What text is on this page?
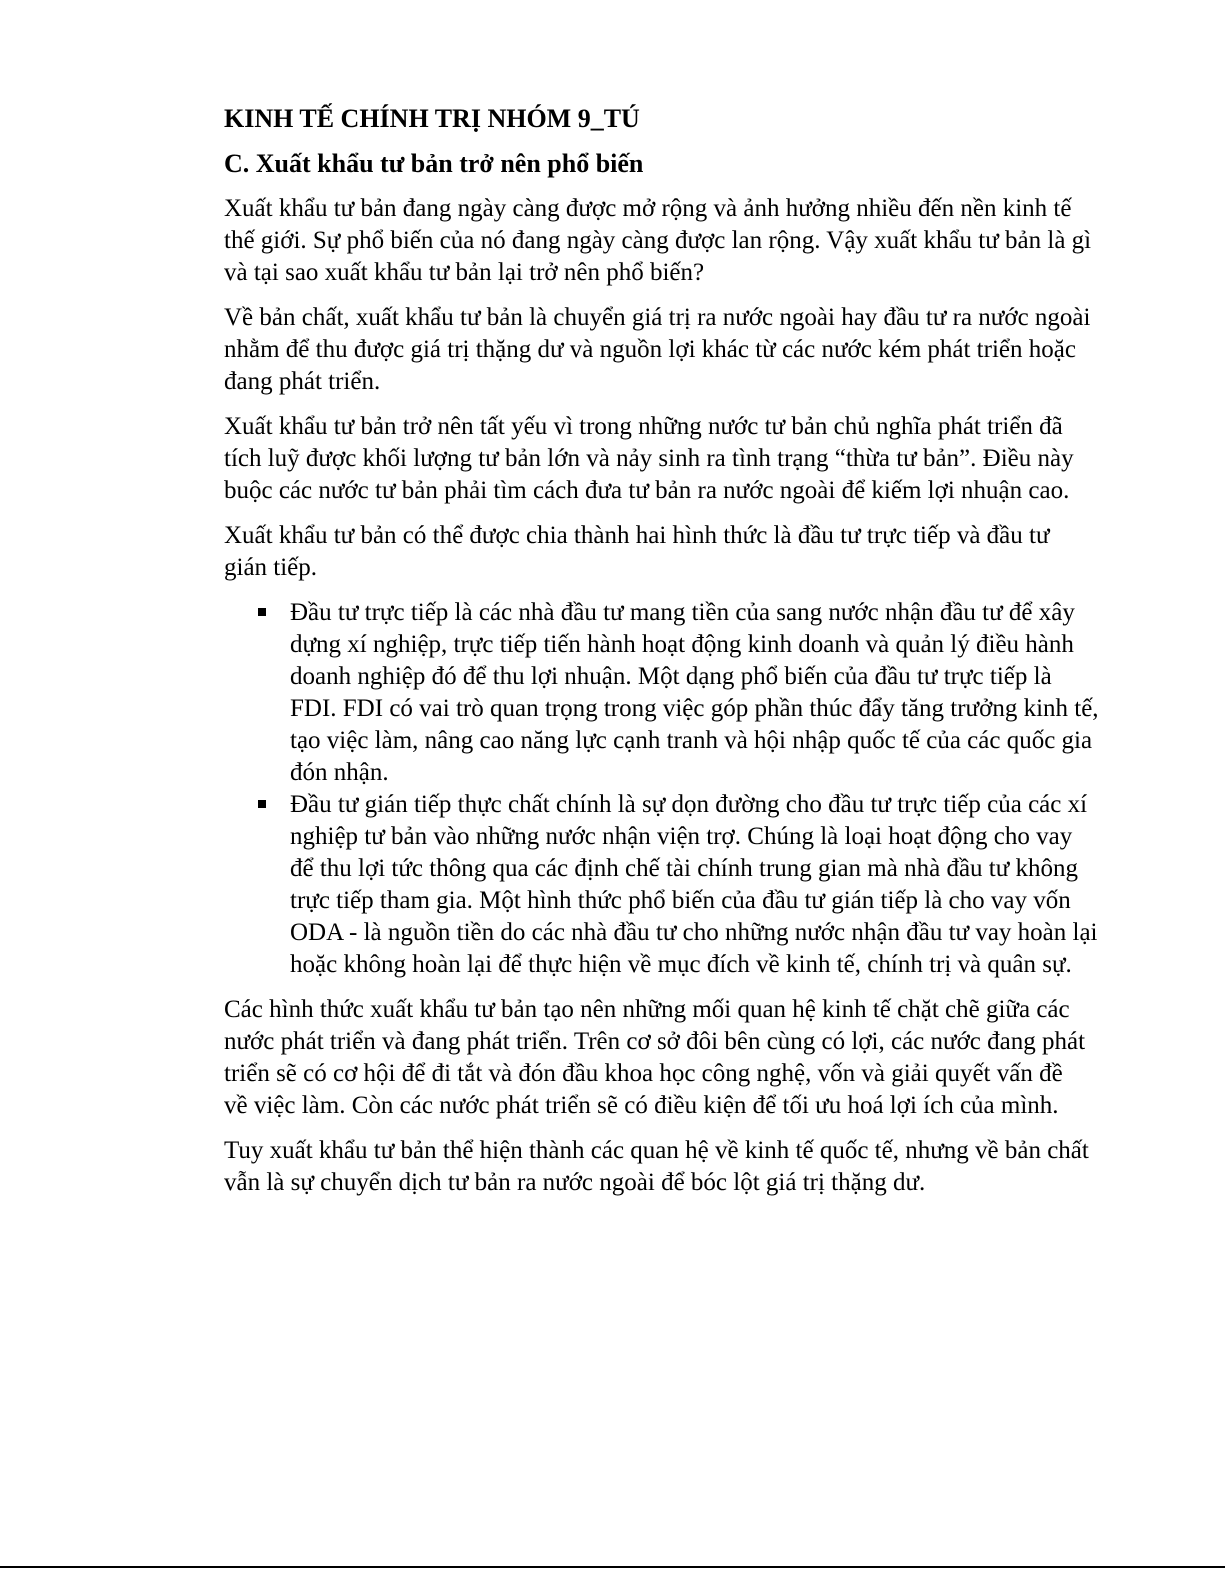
KINH TẾ CHÍNH TRỊ NHÓM 9_TÚ
C. Xuất khẩu tư bản trở nên phổ biến

Xuất khẩu tư bản đang ngày càng được mở rộng và ảnh hưởng nhiều đến nền kinh tế thế giới. Sự phổ biến của nó đang ngày càng được lan rộng. Vậy xuất khẩu tư bản là gì và tại sao xuất khẩu tư bản lại trở nên phổ biến?

Về bản chất, xuất khẩu tư bản là chuyển giá trị ra nước ngoài hay đầu tư ra nước ngoài nhằm để thu được giá trị thặng dư và nguồn lợi khác từ các nước kém phát triển hoặc đang phát triển.

Xuất khẩu tư bản trở nên tất yếu vì trong những nước tư bản chủ nghĩa phát triển đã tích luỹ được khối lượng tư bản lớn và nảy sinh ra tình trạng “thừa tư bản”. Điều này buộc các nước tư bản phải tìm cách đưa tư bản ra nước ngoài để kiếm lợi nhuận cao.

Xuất khẩu tư bản có thể được chia thành hai hình thức là đầu tư trực tiếp và đầu tư gián tiếp.

Đầu tư trực tiếp là các nhà đầu tư mang tiền của sang nước nhận đầu tư để xây dựng xí nghiệp, trực tiếp tiến hành hoạt động kinh doanh và quản lý điều hành doanh nghiệp đó để thu lợi nhuận. Một dạng phổ biến của đầu tư trực tiếp là FDI. FDI có vai trò quan trọng trong việc góp phần thúc đẩy tăng trưởng kinh tế, tạo việc làm, nâng cao năng lực cạnh tranh và hội nhập quốc tế của các quốc gia đón nhận.
Đầu tư gián tiếp thực chất chính là sự dọn đường cho đầu tư trực tiếp của các xí nghiệp tư bản vào những nước nhận viện trợ. Chúng là loại hoạt động cho vay để thu lợi tức thông qua các định chế tài chính trung gian mà nhà đầu tư không trực tiếp tham gia. Một hình thức phổ biến của đầu tư gián tiếp là cho vay vốn ODA - là nguồn tiền do các nhà đầu tư cho những nước nhận đầu tư vay hoàn lại hoặc không hoàn lại để thực hiện về mục đích về kinh tế, chính trị và quân sự.

Các hình thức xuất khẩu tư bản tạo nên những mối quan hệ kinh tế chặt chẽ giữa các nước phát triển và đang phát triển. Trên cơ sở đôi bên cùng có lợi, các nước đang phát triển sẽ có cơ hội để đi tắt và đón đầu khoa học công nghệ, vốn và giải quyết vấn đề về việc làm. Còn các nước phát triển sẽ có điều kiện để tối ưu hoá lợi ích của mình.

Tuy xuất khẩu tư bản thể hiện thành các quan hệ về kinh tế quốc tế, nhưng về bản chất vẫn là sự chuyển dịch tư bản ra nước ngoài để bóc lột giá trị thặng dư.
